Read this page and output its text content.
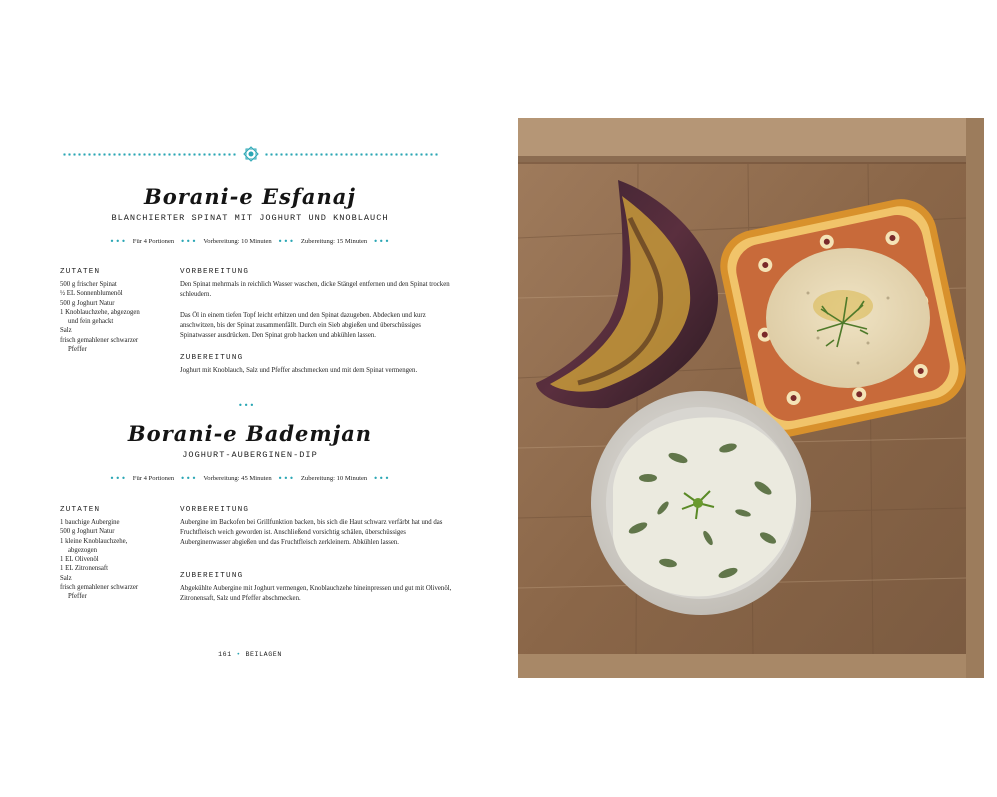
Borani-e Esfanaj
BLANCHIERTER SPINAT MIT JOGHURT UND KNOBLAUCH
••• Für 4 Portionen ••• Vorbereitung: 10 Minuten ••• Zubereitung: 15 Minuten •••
ZUTATEN
500 g frischer Spinat
½ EL Sonnenblumenöl
500 g Joghurt Natur
1 Knoblauchzehe, abgezogen
und fein gehackt
Salz
frisch gemahlener schwarzer
Pfeffer
VORBEREITUNG

Den Spinat mehrmals in reichlich Wasser waschen, dicke Stängel entfernen und den Spinat trocken schleudern.

Das Öl in einem tiefen Topf leicht erhitzen und den Spinat dazugeben. Abdecken und kurz anschwitzen, bis der Spinat zusammenfällt. Durch ein Sieb abgießen und überschüssiges Spinatwasser ausdrücken. Den Spinat grob hacken und abkühlen lassen.

ZUBEREITUNG

Joghurt mit Knoblauch, Salz und Pfeffer abschmecken und mit dem Spinat vermengen.

•••
Borani-e Bademjan
JOGHURT-AUBERGINEN-DIP
••• Für 4 Portionen ••• Vorbereitung: 45 Minuten ••• Zubereitung: 10 Minuten •••
ZUTATEN
1 bauchige Aubergine
500 g Joghurt Natur
1 kleine Knoblauchzehe,
abgezogen
1 EL Olivenöl
1 EL Zitronensaft
Salz
frisch gemahlener schwarzer
Pfeffer
VORBEREITUNG

Aubergine im Backofen bei Grillfunktion backen, bis sich die Haut schwarz verfärbt hat und das Fruchtfleisch weich geworden ist. Anschließend vorsichtig schälen, überschüssiges Auberginenwasser abgießen und das Fruchtfleisch zerkleinern. Abkühlen lassen.

ZUBEREITUNG

Abgekühlte Aubergine mit Joghurt vermengen, Knoblauchzehe hineinpressen und gut mit Olivenöl, Zitronensaft, Salz und Pfeffer abschmecken.

161 • BEILAGEN
